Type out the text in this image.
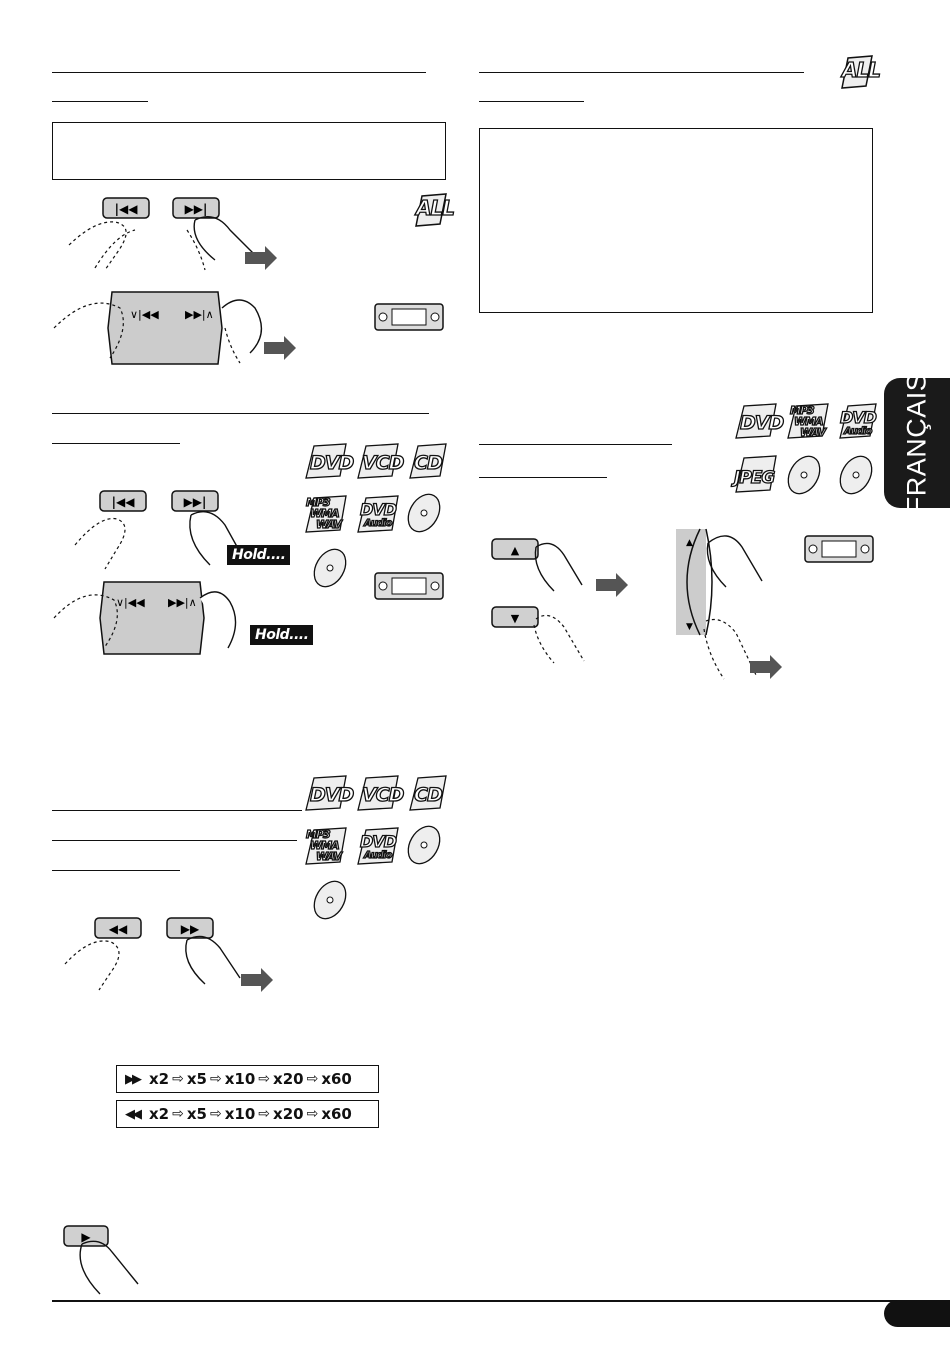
ALL
|◀◀	▶▶|
∨|◀◀ ▶▶|∧
|◀◀	▶▶|
Hold....
∨|◀◀ ▶▶|∧
Hold....
DVD VCD CD
MP3
WMA
WAV
DVD
Audio
DVD VCD CD
MP3
WMA
WAV
DVD
Audio
◀◀	▶▶
▶▶ x2 ⇨ x5 ⇨ x10 ⇨ x20 ⇨ x60
◀◀ x2 ⇨ x5 ⇨ x10 ⇨ x20 ⇨ x60
▶
ALL
FRANÇAIS
DVD
MP3
WMA
WAV
DVD
Audio
JPEG
▲
▼
▲
▼
